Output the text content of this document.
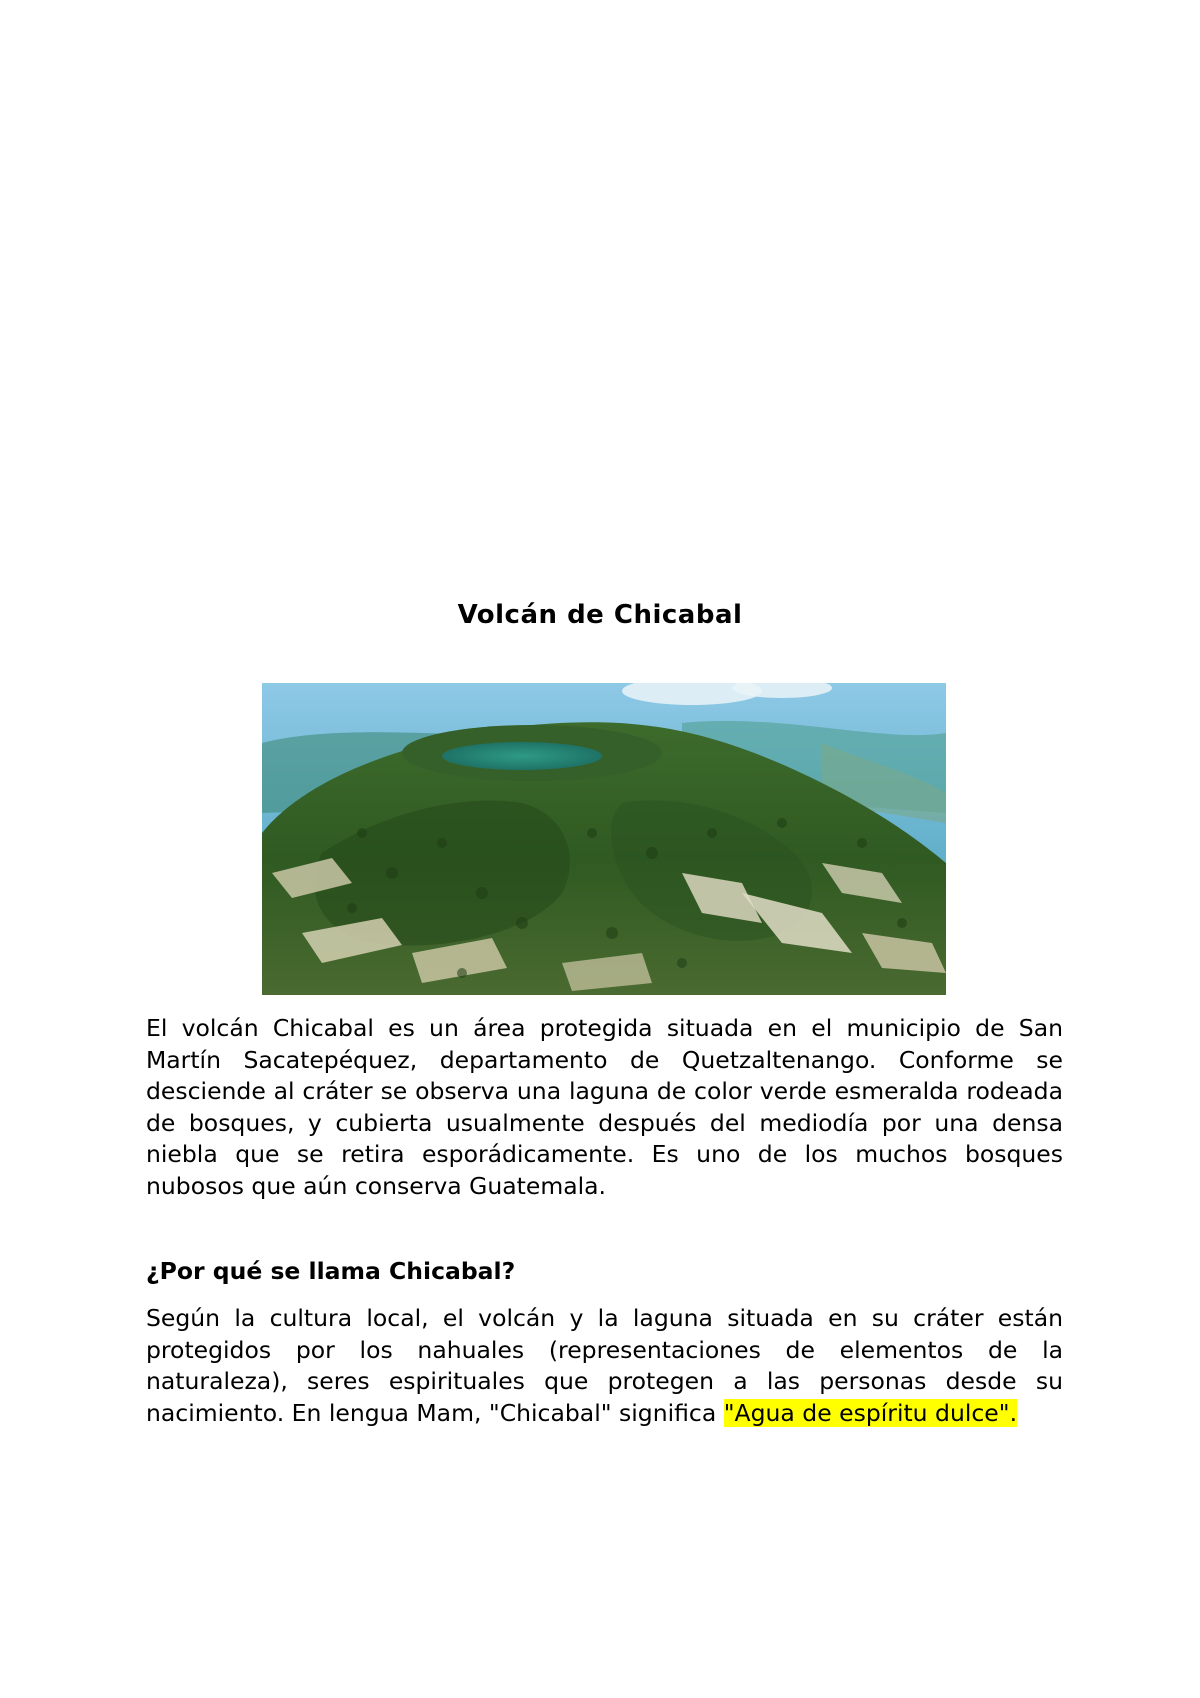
Volcán de Chicabal

El volcán Chicabal es un área protegida situada en el municipio de San Martín Sacatepéquez, departamento de Quetzaltenango. Conforme se desciende al cráter se observa una laguna de color verde esmeralda rodeada de bosques, y cubierta usualmente después del mediodía por una densa niebla que se retira esporádicamente. Es uno de los muchos bosques nubosos que aún conserva Guatemala.

¿Por qué se llama Chicabal?

Según la cultura local, el volcán y la laguna situada en su cráter están protegidos por los nahuales (representaciones de elementos de la naturaleza), seres espirituales que protegen a las personas desde su nacimiento. En lengua Mam, "Chicabal" significa "Agua de espíritu dulce".
